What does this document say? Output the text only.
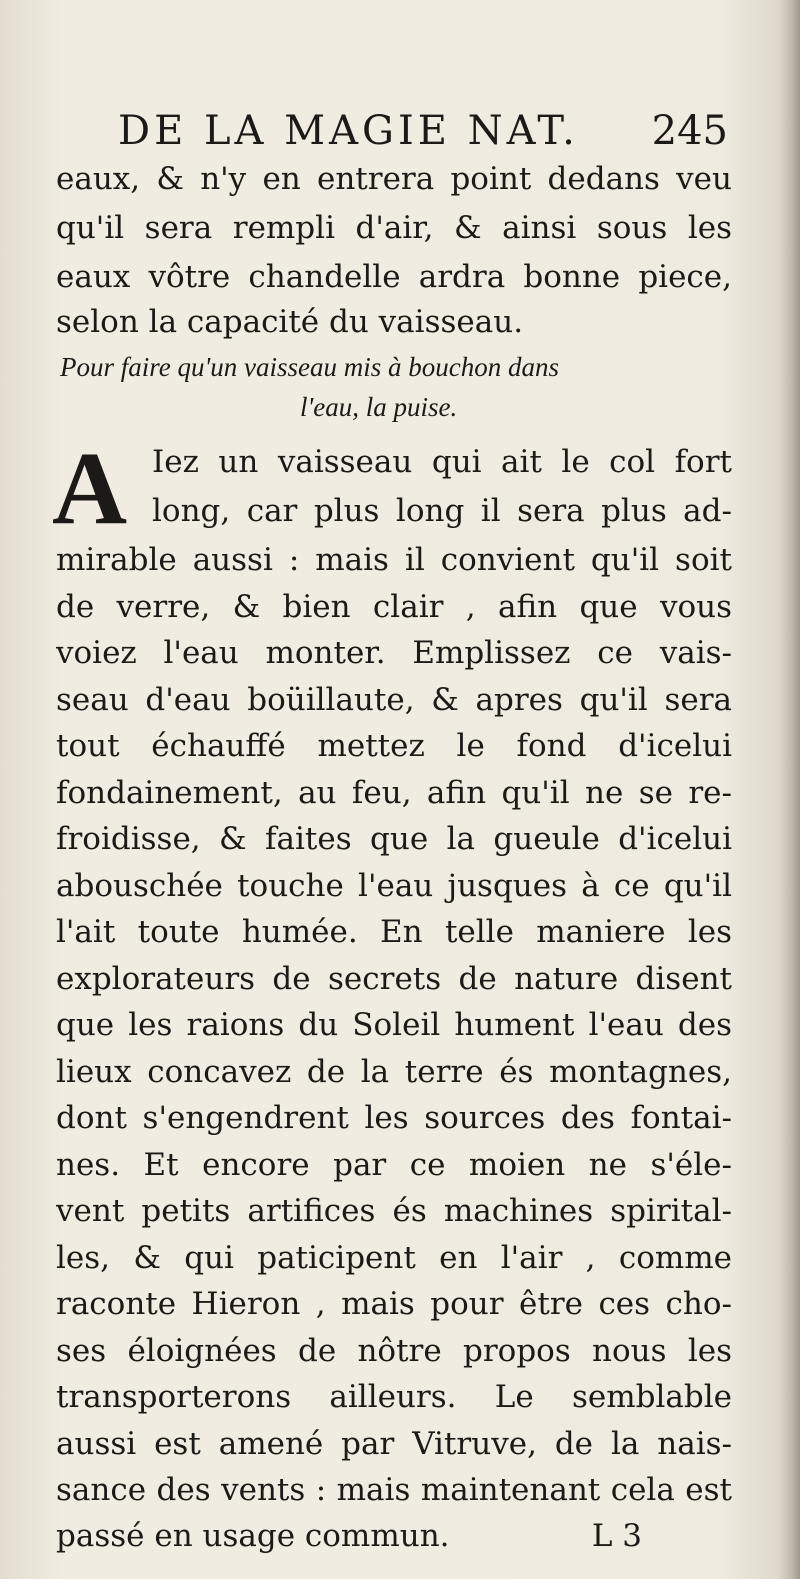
DE LA MAGIE NAT. 245
eaux, & n'y en entrera point dedans veu
qu'il sera rempli d'air, & ainsi sous les
eaux vôtre chandelle ardra bonne piece,
selon la capacité du vaisseau.
Pour faire qu'un vaisseau mis à bouchon dans
l'eau, la puise.
A Iez un vaisseau qui ait le col fort
long, car plus long il sera plus ad-
mirable aussi : mais il convient qu'il soit
de verre, & bien clair , afin que vous
voiez l'eau monter. Emplissez ce vais-
seau d'eau boüillaute, & apres qu'il sera
tout échauffé mettez le fond d'icelui
fondainement, au feu, afin qu'il ne se re-
froidisse, & faites que la gueule d'icelui
abouschée touche l'eau jusques à ce qu'il
l'ait toute humée. En telle maniere les
explorateurs de secrets de nature disent
que les raions du Soleil hument l'eau des
lieux concavez de la terre és montagnes,
dont s'engendrent les sources des fontai-
nes. Et encore par ce moien ne s'éle-
vent petits artifices és machines spirital-
les, & qui paticipent en l'air , comme
raconte Hieron , mais pour être ces cho-
ses éloignées de nôtre propos nous les
transporterons ailleurs. Le semblable
aussi est amené par Vitruve, de la nais-
passé en usage commun.	L 3
sance des vents : mais maintenant cela est
